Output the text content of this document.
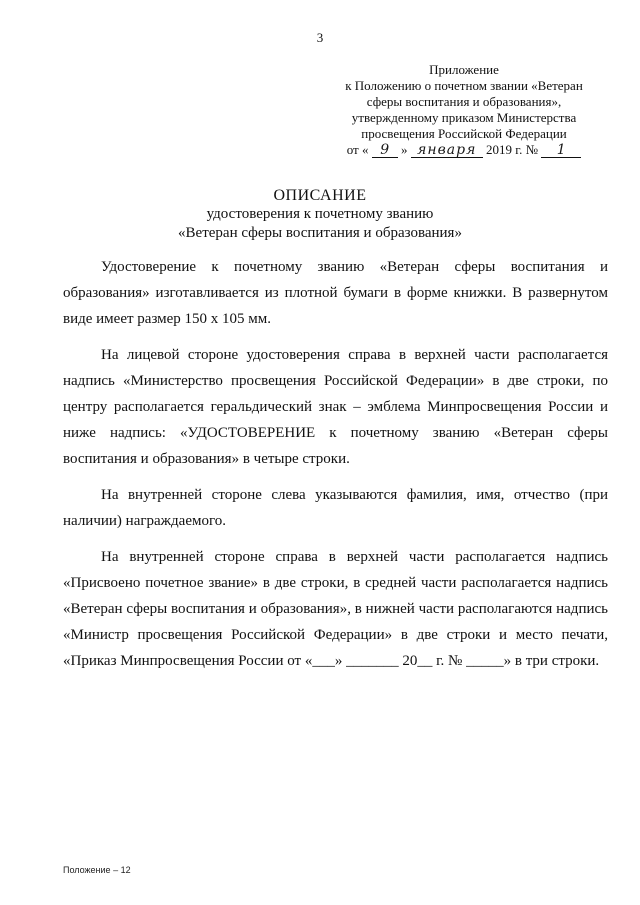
3
Приложение
к Положению о почетном звании «Ветеран
сферы воспитания и образования»,
утвержденному приказом Министерства
просвещения Российской Федерации
от « 9 » января 2019 г. № 1
ОПИСАНИЕ
удостоверения к почетному званию
«Ветеран сферы воспитания и образования»

Удостоверение к почетному званию «Ветеран сферы воспитания и образования» изготавливается из плотной бумаги в форме книжки. В развернутом виде имеет размер 150 х 105 мм.

На лицевой стороне удостоверения справа в верхней части располагается надпись «Министерство просвещения Российской Федерации» в две строки, по центру располагается геральдический знак – эмблема Минпросвещения России и ниже надпись: «УДОСТОВЕРЕНИЕ к почетному званию «Ветеран сферы воспитания и образования» в четыре строки.

На внутренней стороне слева указываются фамилия, имя, отчество (при наличии) награждаемого.

На внутренней стороне справа в верхней части располагается надпись «Присвоено почетное звание» в две строки, в средней части располагается надпись «Ветеран сферы воспитания и образования», в нижней части располагаются надпись «Министр просвещения Российской Федерации» в две строки и место печати, «Приказ Минпросвещения России от «___» _______ 20__ г. № _____» в три строки.

Положение – 12
